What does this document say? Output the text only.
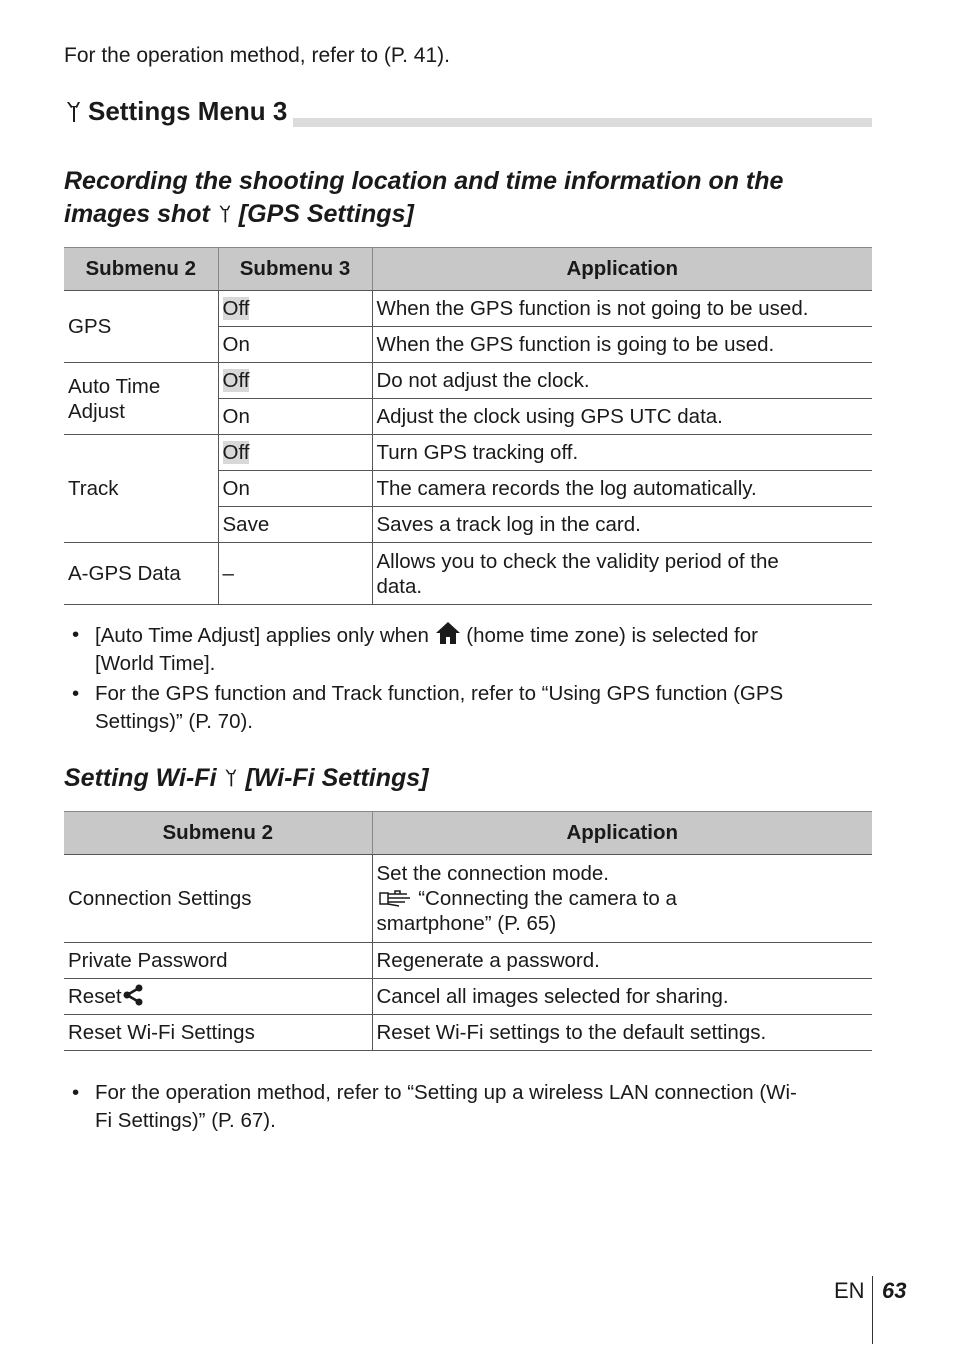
For the operation method, refer to (P. 41).
Settings Menu 3
Recording the shooting location and time information on the
images shot [GPS Settings]
Submenu 2	Submenu 3	Application
GPS	Off	When the GPS function is not going to be used.
	On	When the GPS function is going to be used.

Auto Time
Adjust	Off	Do not adjust the clock.
	On	Adjust the clock using GPS UTC data.
Track	Off	Turn GPS tracking off.
	On	The camera records the log automatically.
	Save	Saves a track log in the card.
A-GPS Data	–	Allows you to check the validity period of the
data.
• [Auto Time Adjust] applies only when (home time zone) is selected for
[World Time].
• For the GPS function and Track function, refer to “Using GPS function (GPS
Settings)” (P. 70).
Setting Wi-Fi [Wi-Fi Settings]
Submenu 2	Application
Connection Settings	Set the connection mode.
“Connecting the camera to a
smartphone” (P. 65)

Private Password	Regenerate a password.
Reset	Cancel all images selected for sharing.
Reset Wi-Fi Settings	Reset Wi-Fi settings to the default settings.
• For the operation method, refer to “Setting up a wireless LAN connection (Wi-
Fi Settings)” (P. 67).
EN 63
